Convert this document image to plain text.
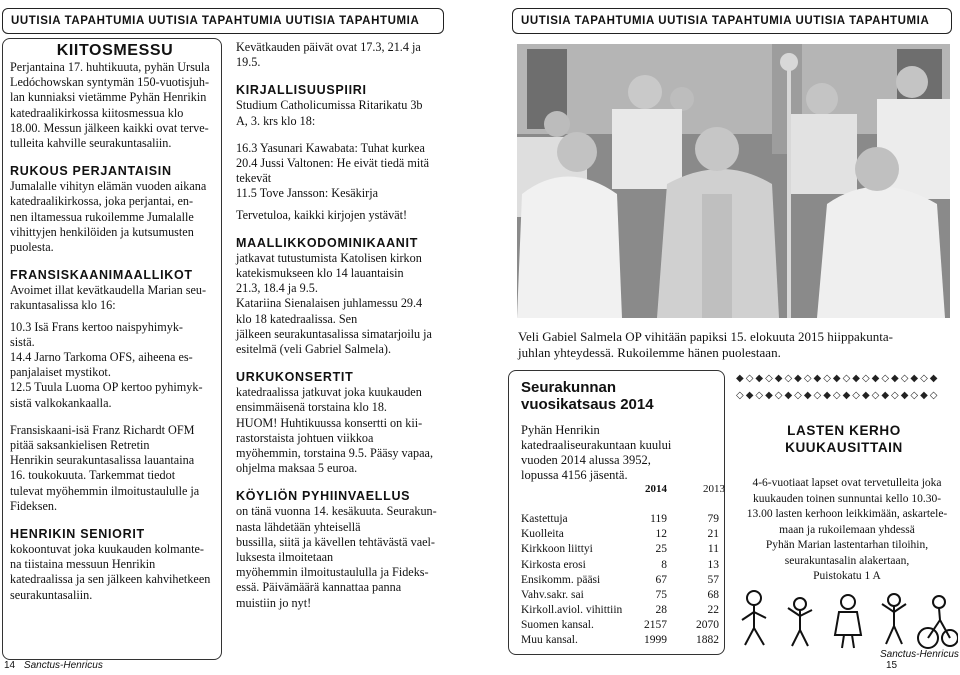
UUTISIA TAPAHTUMIA UUTISIA TAPAHTUMIA UUTISIA TAPAHTUMIA
KIITOSMESSU

Perjantaina 17. huhtikuuta, pyhän Ursula

Ledóchowskan syntymän 150-vuotisjuh-

lan kunniaksi vietämme Pyhän Henrikin

katedraalikirkossa kiitosmessua klo

18.00. Messun jälkeen kaikki ovat terve-

tulleita kahville seurakuntasaliin.

RUKOUS PERJANTAISIN

Jumalalle vihityn elämän vuoden aikana

katedraalikirkossa, joka perjantai, en-

nen iltamessua rukoilemme Jumalalle

vihittyjen henkilöiden ja kutsumusten

puolesta.

FRANSISKAANIMAALLIKOT

Avoimet illat kevätkaudella Marian seu-

rakuntasalissa klo 16:

10.3 Isä Frans kertoo naispyhimyk-

sistä.

14.4 Jarno Tarkoma OFS, aiheena es-

panjalaiset mystikot.

12.5 Tuula Luoma OP kertoo pyhimyk-

sistä valkokankaalla.

Fransiskaani-isä Franz Richardt OFM

pitää saksankielisen Retretin

Henrikin seurakuntasalissa lauantaina

16. toukokuuta. Tarkemmat tiedot

tulevat myöhemmin ilmoitustaululle ja

Fideksen.

HENRIKIN SENIORIT

kokoontuvat joka kuukauden kolmante-

na tiistaina messuun Henrikin

katedraalissa ja sen jälkeen kahvihetkeen

seurakuntasaliin.

Kevätkauden päivät ovat 17.3, 21.4 ja

19.5.

KIRJALLISUUSPIIRI

Studium Catholicumissa Ritarikatu 3b

A, 3. krs klo 18:

16.3 Yasunari Kawabata: Tuhat kurkea

20.4 Jussi Valtonen: He eivät tiedä mitä

tekevät

11.5 Tove Jansson: Kesäkirja

Tervetuloa, kaikki kirjojen ystävät!

MAALLIKKODOMINIKAANIT

jatkavat tutustumista Katolisen kirkon

katekismukseen klo 14 lauantaisin

21.3, 18.4 ja 9.5.

Katariina Sienalaisen juhlamessu 29.4

klo 18 katedraalissa. Sen

jälkeen seurakuntasalissa simatarjoilu ja

esitelmä (veli Gabriel Salmela).

URKUKONSERTIT

katedraalissa jatkuvat joka kuukauden

ensimmäisenä torstaina klo 18.

HUOM! Huhtikuussa konsertti on kii-

rastorstaista johtuen viikkoa

myöhemmin, torstaina 9.5. Pääsy vapaa,

ohjelma maksaa 5 euroa.

KÖYLIÖN PYHIINVAELLUS

on tänä vuonna 14. kesäkuuta. Seurakun-

nasta lähdetään yhteisellä

bussilla, siitä ja kävellen tehtävästä vael-

luksesta ilmoitetaan

myöhemmin ilmoitustaululla ja Fideks-

essä. Päivämäärä kannattaa panna

muistiin jo nyt!

14 Sanctus-Henricus
UUTISIA TAPAHTUMIA UUTISIA TAPAHTUMIA UUTISIA TAPAHTUMIA

Veli Gabiel Salmela OP vihitään papiksi 15. elokuuta 2015 hiippakunta-

juhlan yhteydessä. Rukoilemme hänen puolestaan.

Seurakunnan
vuosikatsaus 2014

Pyhän Henrikin

katedraaliseurakuntaan kuului

vuoden 2014 alussa 3952,

lopussa 4156 jäsentä.

	2014	2013

Kastettuja	119	79
Kuolleita	12	21
Kirkkoon liittyi	25	11
Kirkosta erosi	8	13
Ensikomm. pääsi	67	57
Vahv.sakr. sai	75	68
Kirkoll.aviol. vihittiin	28	22
Suomen kansal.	2157	2070
Muu kansal.	1999	1882
◆◇◆◇◆◇◆◇◆◇◆◇◆◇◆◇◆◇◆◇◆
◇◆◇◆◇◆◇◆◇◆◇◆◇◆◇◆◇◆◇◆◇
LASTEN KERHO
KUUKAUSITTAIN

4-6-vuotiaat lapset ovat tervetulleita joka

kuukauden toinen sunnuntai kello 10.30-

13.00 lasten kerhoon leikkimään, askartele-

maan ja rukoilemaan yhdessä

Pyhän Marian lastentarhan tiloihin,

seurakuntasalin alakertaan,

Puistokatu 1 A

Sanctus-Henricus 15
